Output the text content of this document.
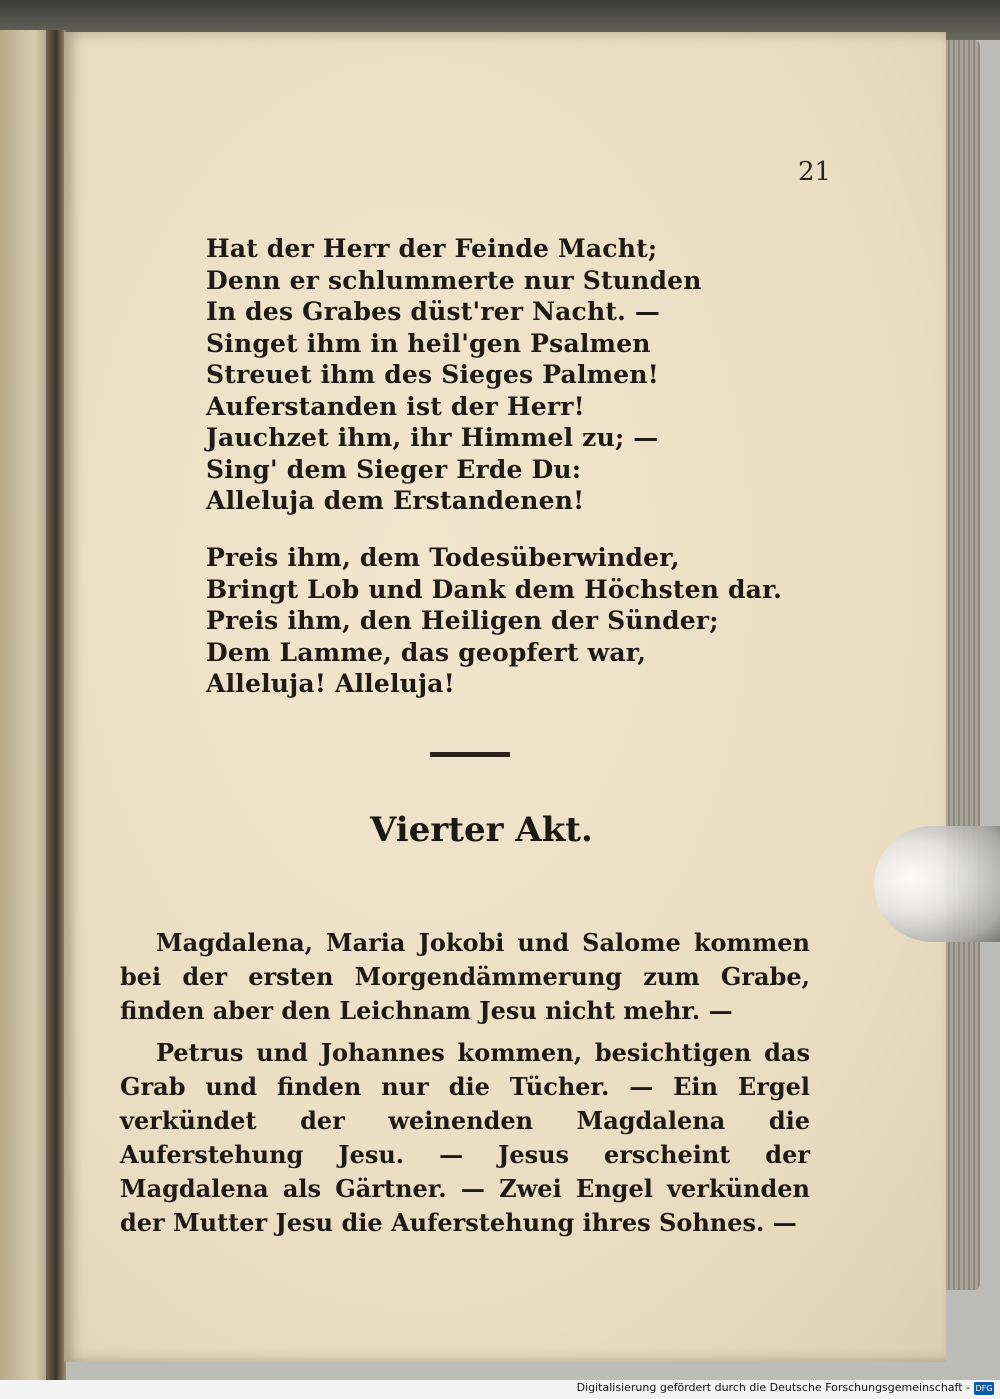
21
Hat der Herr der Feinde Macht;
Denn er schlummerte nur Stunden
In des Grabes düst'rer Nacht. —
Singet ihm in heil'gen Psalmen
Streuet ihm des Sieges Palmen!
Auferstanden ist der Herr!
Jauchzet ihm, ihr Himmel zu; —
Sing' dem Sieger Erde Du:
Alleluja dem Erstandenen!
Preis ihm, dem Todesüberwinder,
Bringt Lob und Dank dem Höchsten dar.
Preis ihm, den Heiligen der Sünder;
Dem Lamme, das geopfert war,
Alleluja! Alleluja!
Vierter Akt.

Magdalena, Maria Jokobi und Salome kommen bei der ersten Morgendämmerung zum Grabe, finden aber den Leichnam Jesu nicht mehr. —

Petrus und Johannes kommen, besichtigen das Grab und finden nur die Tücher. — Ein Ergel verkündet der weinenden Magdalena die Auferstehung Jesu. — Jesus erscheint der Magdalena als Gärtner. — Zwei Engel verkünden der Mutter Jesu die Auferstehung ihres Sohnes. —

Digitalisierung gefördert durch die Deutsche Forschungsgemeinschaft - DFG
